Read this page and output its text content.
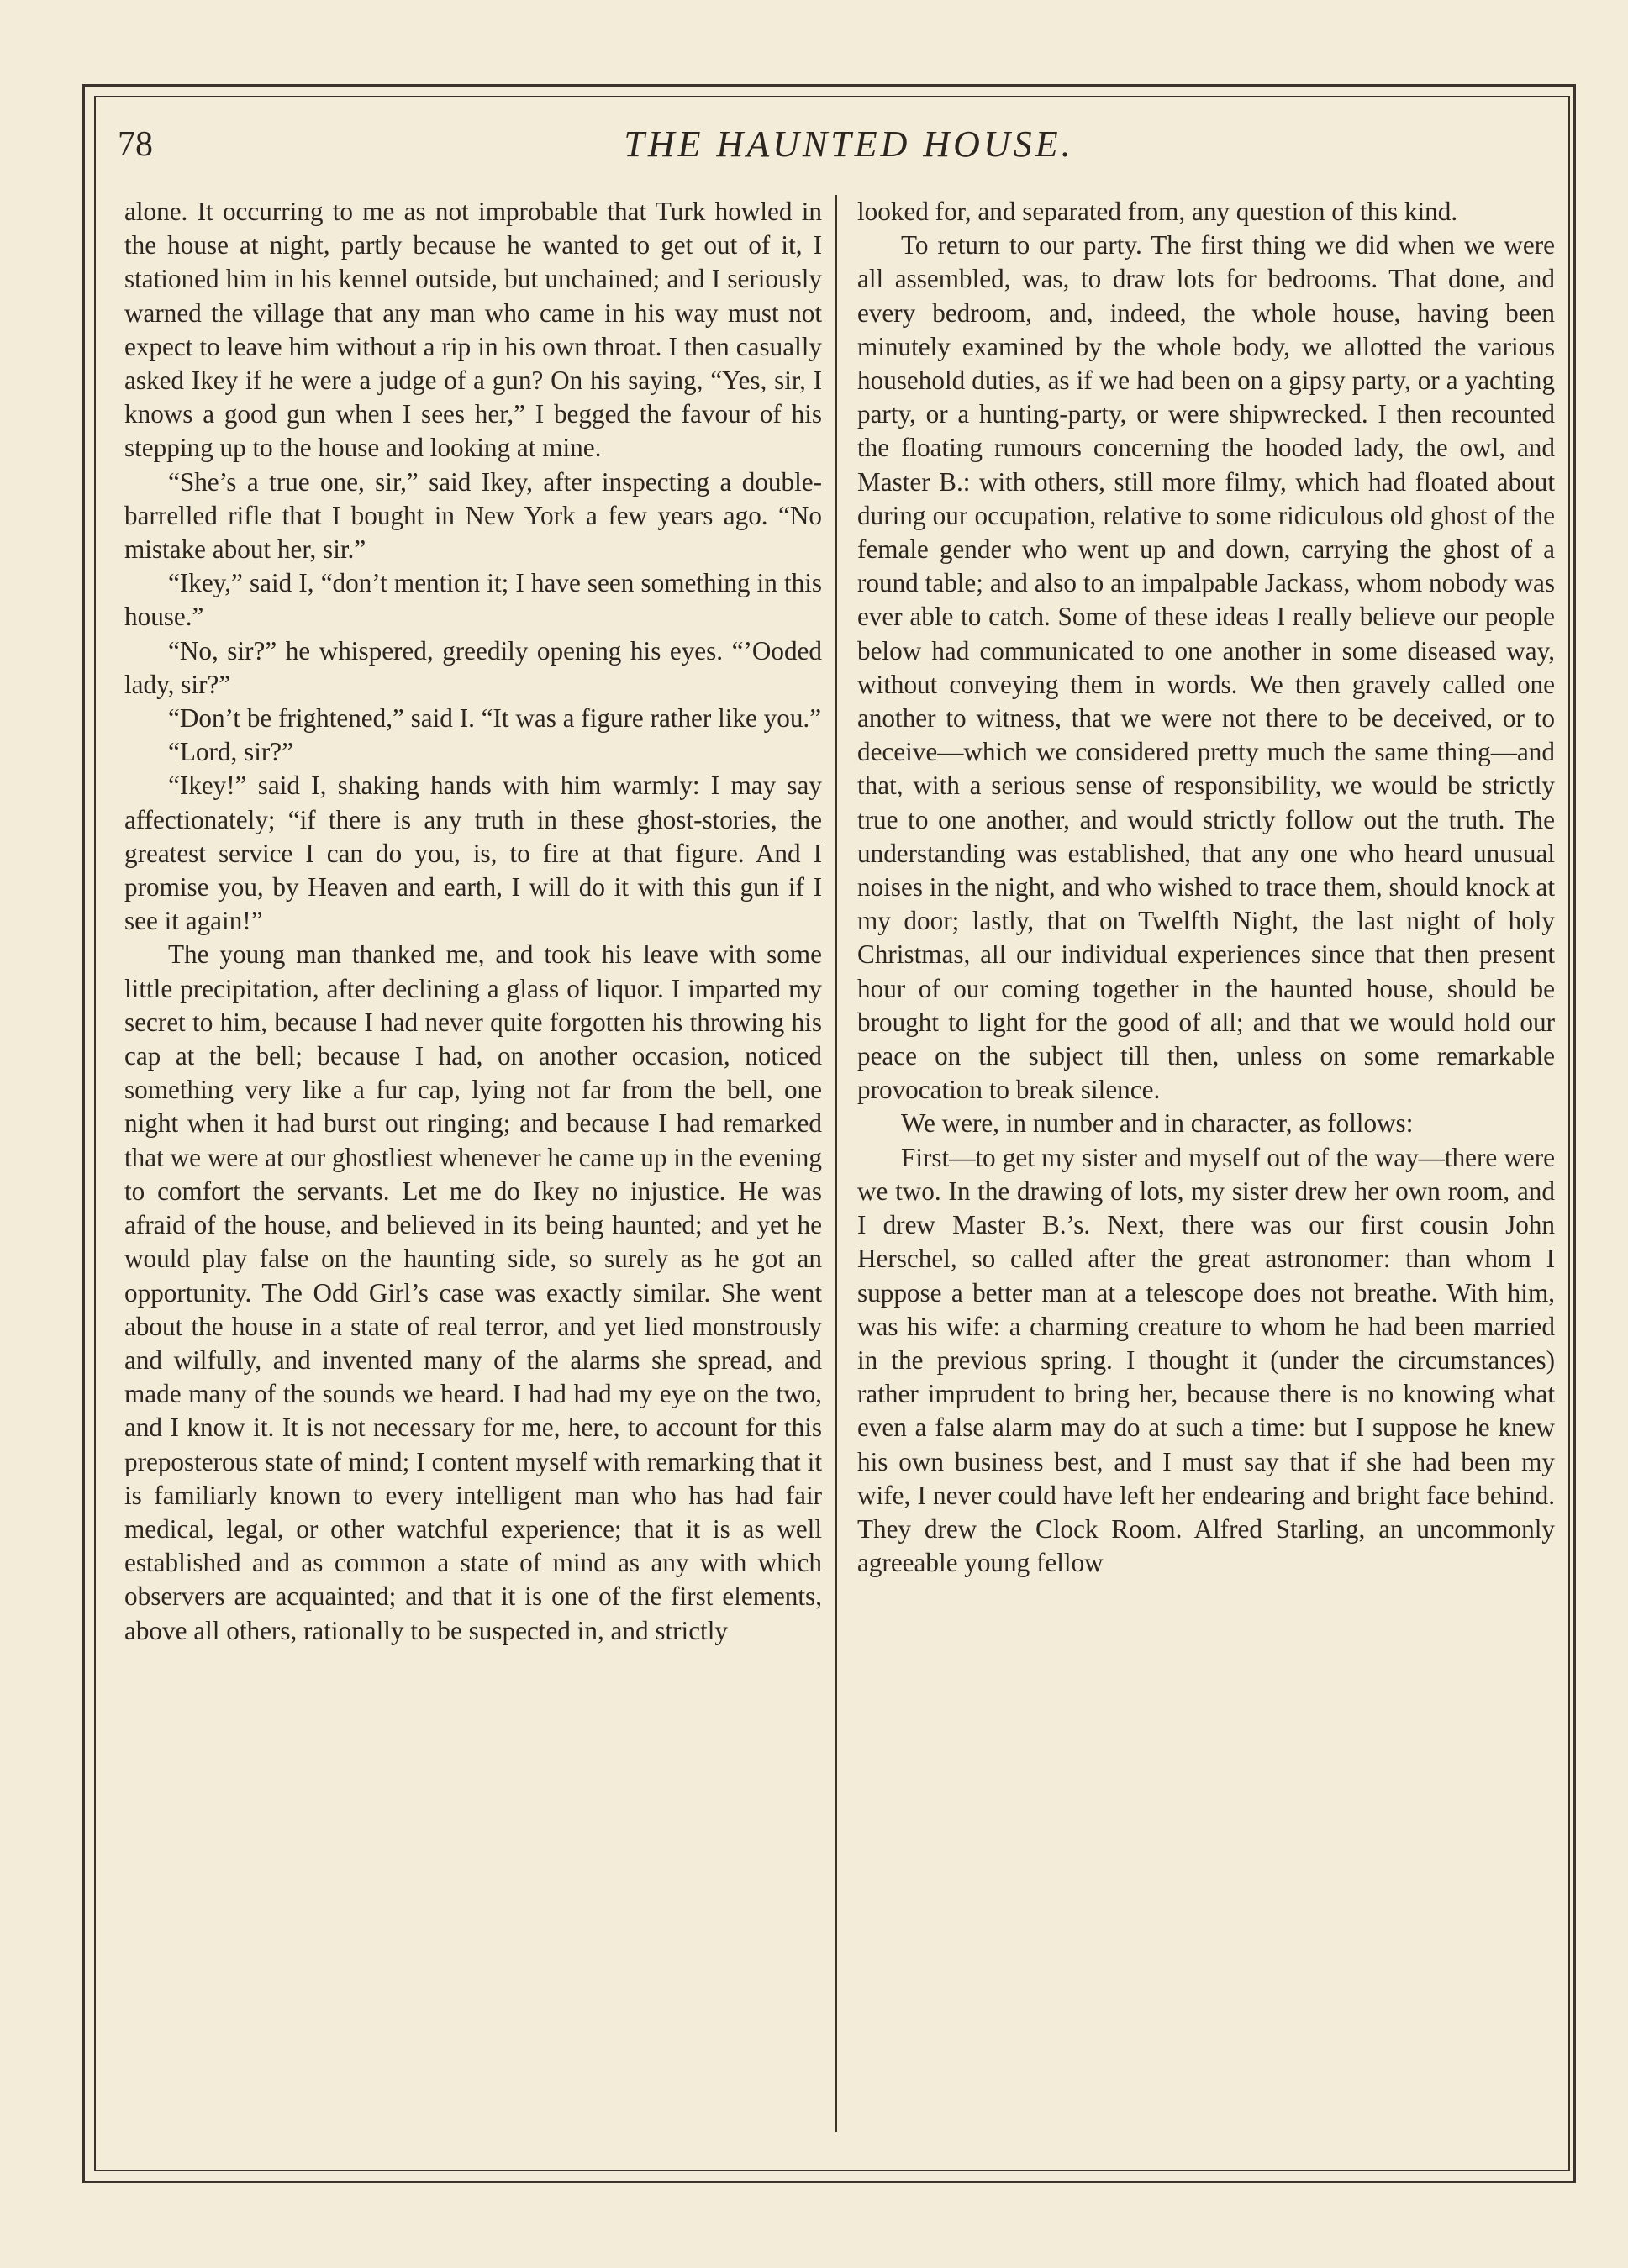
78	THE HAUNTED HOUSE.

alone. It occurring to me as not improbable that Turk howled in the house at night, partly because he wanted to get out of it, I stationed him in his kennel outside, but unchained; and I seriously warned the village that any man who came in his way must not expect to leave him without a rip in his own throat. I then casually asked Ikey if he were a judge of a gun? On his saying, “Yes, sir, I knows a good gun when I sees her,” I begged the favour of his stepping up to the house and looking at mine.

“She’s a true one, sir,” said Ikey, after inspecting a double-barrelled rifle that I bought in New York a few years ago. “No mistake about her, sir.”

“Ikey,” said I, “don’t mention it; I have seen something in this house.”

“No, sir?” he whispered, greedily opening his eyes. “’Ooded lady, sir?”

“Don’t be frightened,” said I. “It was a figure rather like you.”

“Lord, sir?”

“Ikey!” said I, shaking hands with him warmly: I may say affectionately; “if there is any truth in these ghost-stories, the greatest service I can do you, is, to fire at that figure. And I promise you, by Heaven and earth, I will do it with this gun if I see it again!”

The young man thanked me, and took his leave with some little precipitation, after declining a glass of liquor. I imparted my secret to him, because I had never quite forgotten his throwing his cap at the bell; because I had, on another occasion, noticed something very like a fur cap, lying not far from the bell, one night when it had burst out ringing; and because I had remarked that we were at our ghostliest whenever he came up in the evening to comfort the servants. Let me do Ikey no injustice. He was afraid of the house, and believed in its being haunted; and yet he would play false on the haunting side, so surely as he got an opportunity. The Odd Girl’s case was exactly similar. She went about the house in a state of real terror, and yet lied monstrously and wilfully, and invented many of the alarms she spread, and made many of the sounds we heard. I had had my eye on the two, and I know it. It is not necessary for me, here, to account for this preposterous state of mind; I content myself with remarking that it is familiarly known to every intelligent man who has had fair medical, legal, or other watchful experience; that it is as well established and as common a state of mind as any with which observers are acquainted; and that it is one of the first elements, above all others, rationally to be suspected in, and strictly

looked for, and separated from, any question of this kind.

To return to our party. The first thing we did when we were all assembled, was, to draw lots for bedrooms. That done, and every bedroom, and, indeed, the whole house, having been minutely examined by the whole body, we allotted the various household duties, as if we had been on a gipsy party, or a yachting party, or a hunting-party, or were shipwrecked. I then recounted the floating rumours concerning the hooded lady, the owl, and Master B.: with others, still more filmy, which had floated about during our occupation, relative to some ridiculous old ghost of the female gender who went up and down, carrying the ghost of a round table; and also to an impalpable Jackass, whom nobody was ever able to catch. Some of these ideas I really believe our people below had communicated to one another in some diseased way, without conveying them in words. We then gravely called one another to witness, that we were not there to be deceived, or to deceive—which we considered pretty much the same thing—and that, with a serious sense of responsibility, we would be strictly true to one another, and would strictly follow out the truth. The understanding was established, that any one who heard unusual noises in the night, and who wished to trace them, should knock at my door; lastly, that on Twelfth Night, the last night of holy Christmas, all our individual experiences since that then present hour of our coming together in the haunted house, should be brought to light for the good of all; and that we would hold our peace on the subject till then, unless on some remarkable provocation to break silence.

We were, in number and in character, as follows:

First—to get my sister and myself out of the way—there were we two. In the drawing of lots, my sister drew her own room, and I drew Master B.’s. Next, there was our first cousin John Herschel, so called after the great astronomer: than whom I suppose a better man at a telescope does not breathe. With him, was his wife: a charming creature to whom he had been married in the previous spring. I thought it (under the circumstances) rather imprudent to bring her, because there is no knowing what even a false alarm may do at such a time: but I suppose he knew his own business best, and I must say that if she had been my wife, I never could have left her endearing and bright face behind. They drew the Clock Room. Alfred Starling, an uncommonly agreeable young fellow
